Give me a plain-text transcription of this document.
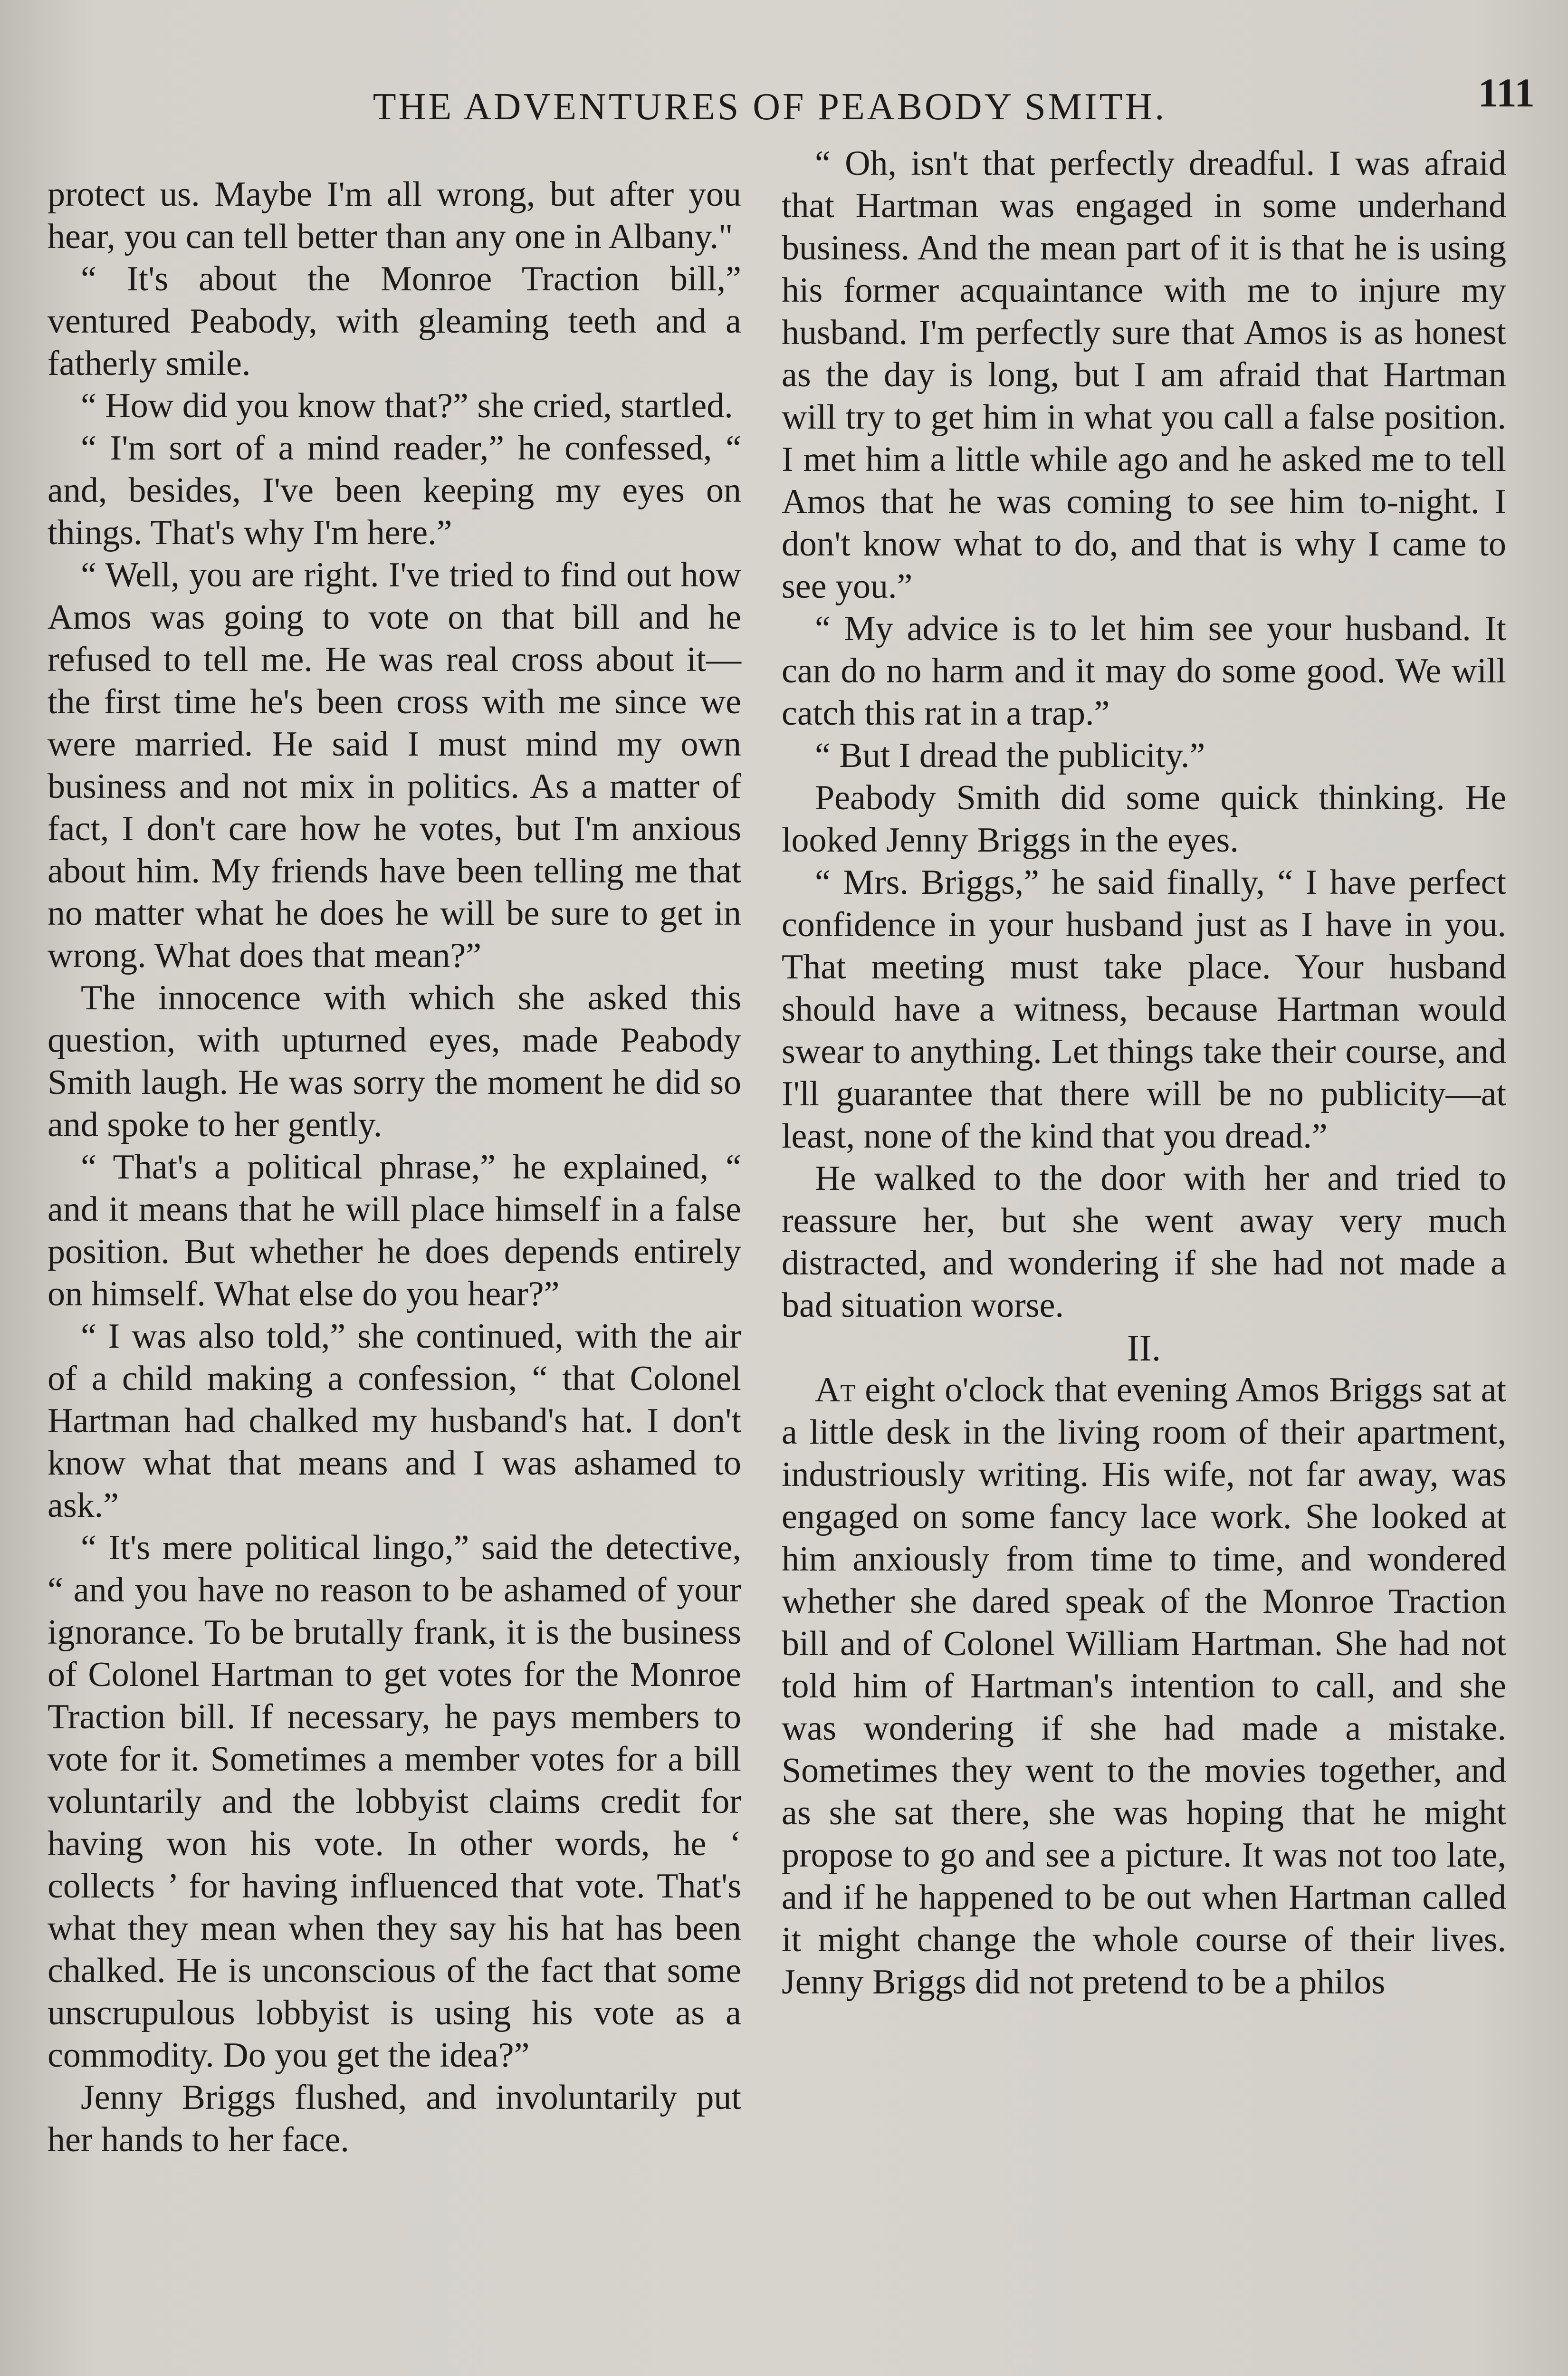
THE ADVENTURES OF PEABODY SMITH.	111

protect us. Maybe I'm all wrong, but after you hear, you can tell better than any one in Albany."

“ It's about the Monroe Traction bill,” ventured Peabody, with gleaming teeth and a fatherly smile.

“ How did you know that?” she cried, startled.

“ I'm sort of a mind reader,” he confessed, “ and, besides, I've been keeping my eyes on things. That's why I'm here.”

“ Well, you are right. I've tried to find out how Amos was going to vote on that bill and he refused to tell me. He was real cross about it—the first time he's been cross with me since we were married. He said I must mind my own business and not mix in politics. As a matter of fact, I don't care how he votes, but I'm anxious about him. My friends have been telling me that no matter what he does he will be sure to get in wrong. What does that mean?”

The innocence with which she asked this question, with upturned eyes, made Peabody Smith laugh. He was sorry the moment he did so and spoke to her gently.

“ That's a political phrase,” he explained, “ and it means that he will place himself in a false position. But whether he does depends entirely on himself. What else do you hear?”

“ I was also told,” she continued, with the air of a child making a confession, “ that Colonel Hartman had chalked my husband's hat. I don't know what that means and I was ashamed to ask.”

“ It's mere political lingo,” said the detective, “ and you have no reason to be ashamed of your ignorance. To be brutally frank, it is the business of Colonel Hartman to get votes for the Monroe Traction bill. If necessary, he pays members to vote for it. Sometimes a member votes for a bill voluntarily and the lobbyist claims credit for having won his vote. In other words, he ‘ collects ’ for having influenced that vote. That's what they mean when they say his hat has been chalked. He is unconscious of the fact that some unscrupulous lobbyist is using his vote as a commodity. Do you get the idea?”

Jenny Briggs flushed, and involuntarily put her hands to her face.

“ Oh, isn't that perfectly dreadful. I was afraid that Hartman was engaged in some underhand business. And the mean part of it is that he is using his former acquaintance with me to injure my husband. I'm perfectly sure that Amos is as honest as the day is long, but I am afraid that Hartman will try to get him in what you call a false position. I met him a little while ago and he asked me to tell Amos that he was coming to see him to-night. I don't know what to do, and that is why I came to see you.”

“ My advice is to let him see your husband. It can do no harm and it may do some good. We will catch this rat in a trap.”

“ But I dread the publicity.”

Peabody Smith did some quick thinking. He looked Jenny Briggs in the eyes.

“ Mrs. Briggs,” he said finally, “ I have perfect confidence in your husband just as I have in you. That meeting must take place. Your husband should have a witness, because Hartman would swear to anything. Let things take their course, and I'll guarantee that there will be no publicity—at least, none of the kind that you dread.”

He walked to the door with her and tried to reassure her, but she went away very much distracted, and wondering if she had not made a bad situation worse.

II.

At eight o'clock that evening Amos Briggs sat at a little desk in the living room of their apartment, industriously writing. His wife, not far away, was engaged on some fancy lace work. She looked at him anxiously from time to time, and wondered whether she dared speak of the Monroe Traction bill and of Colonel William Hartman. She had not told him of Hartman's intention to call, and she was wondering if she had made a mistake. Sometimes they went to the movies together, and as she sat there, she was hoping that he might propose to go and see a picture. It was not too late, and if he happened to be out when Hartman called it might change the whole course of their lives. Jenny Briggs did not pretend to be a philos
